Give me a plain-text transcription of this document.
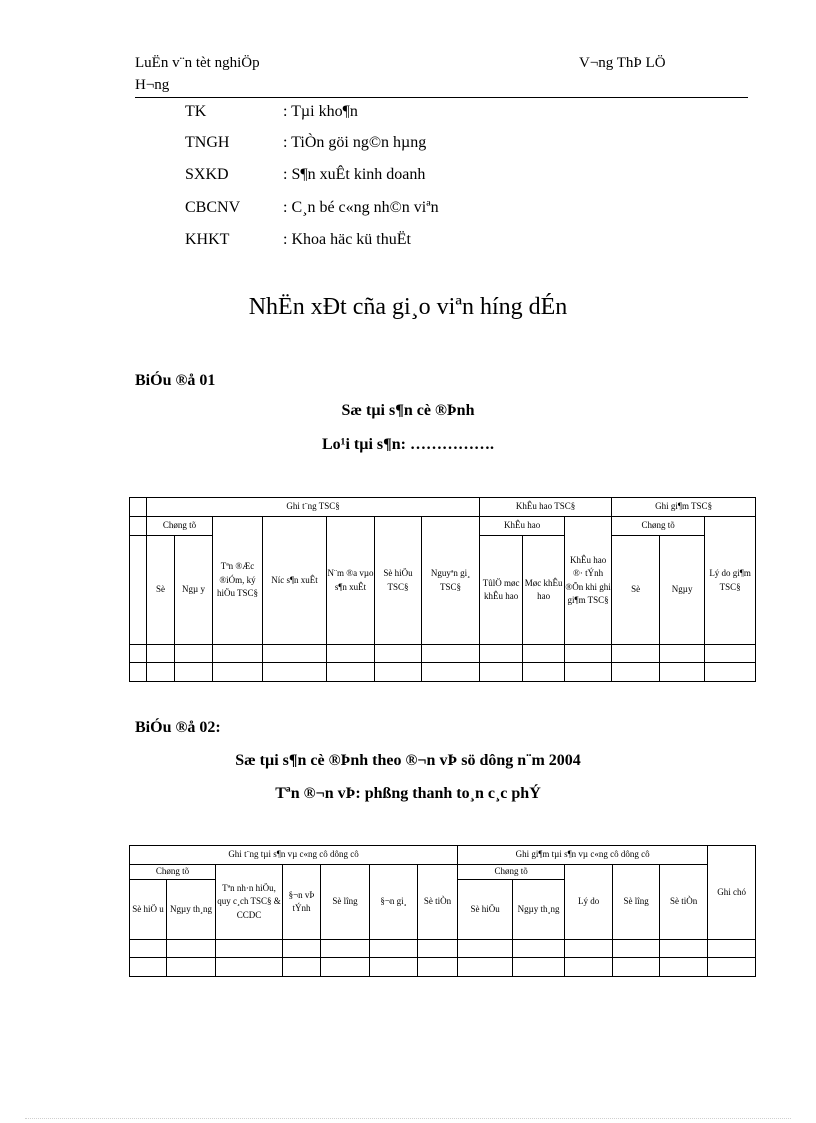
LuËn v¨n tèt nghiÖp
H¬ng
V¬ng ThÞ LÖ
TK	: Tµi kho¶n
TNGH	: TiÒn göi ng©n hµng
SXKD	: S¶n xuÊt kinh doanh
CBCNV	: C¸n bé c«ng nh©n viªn
KHKT	: Khoa häc kü thuËt
NhËn xÐt cña gi¸o viªn híng dÉn
BiÓu ®å 01
Sæ tµi s¶n cè ®Þnh
Lo¹i tµi s¶n: …………….
	Ghi t¨ng TSC§							KhÊu hao TSC§			Ghi gi¶m TSC§		
	Chøng tõ		Tªn ®Æc ®iÓm, ký hiÖu TSC§	Níc s¶n xuÊt	N¨m ®a vµo s¶n xuÊt	Sè hiÖu TSC§	Nguyªn gi¸ TSC§	KhÊu hao		KhÊu hao ®· tÝnh ®Õn khi ghi gi¶m TSC§	Chøng tõ		Lý do gi¶m TSC§
	Sè	Ngµ y						TûlÖ møc khÊu hao	Møc khÊu hao		Sè	Ngµy	

BiÓu ®å 02:
Sæ tµi s¶n cè ®Þnh theo ®¬n vÞ sö dông n¨m 2004
Tªn ®¬n vÞ: phßng thanh to¸n c¸c phÝ
Ghi t¨ng tµi s¶n vµ c«ng cô dông cô							Ghi gi¶m tµi s¶n vµ c«ng cô dông cô					Ghi chó
Chøng tõ		Tªn nh·n hiÖu, quy c¸ch TSC§ & CCDC	§¬n vÞ tÝnh	Sè lîng	§¬n gi¸	Sè tiÒn	Chøng tõ		Lý do	Sè lîng	Sè tiÒn	
Sè hiÖ u	Ngµy th¸ng						Sè hiÖu	Ngµy th¸ng				
